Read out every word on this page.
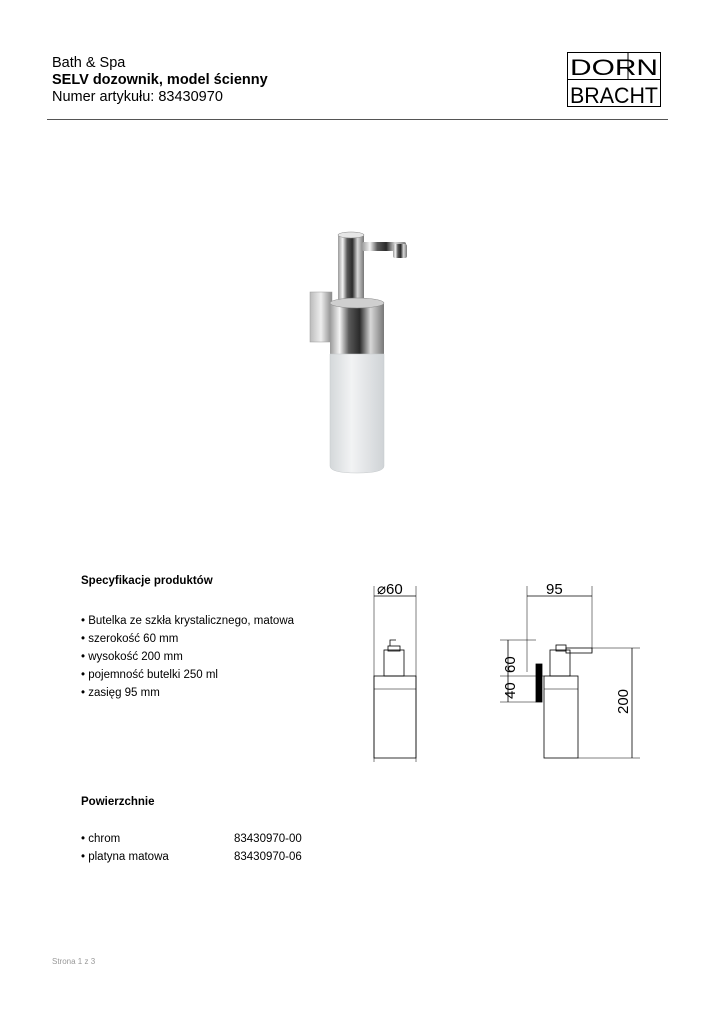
Bath & Spa
SELV dozownik, model ścienny
Numer artykułu: 83430970
DORN
BRACHT
Specyfikacje produktów
• Butelka ze szkła krystalicznego, matowa
• szerokość 60 mm
• wysokość 200 mm
• pojemność butelki 250 ml
• zasięg 95 mm
⌀60	95
40
60
200
Powierzchnie
• chrom	83430970-00
• platyna matowa	83430970-06
Strona 1 z 3
